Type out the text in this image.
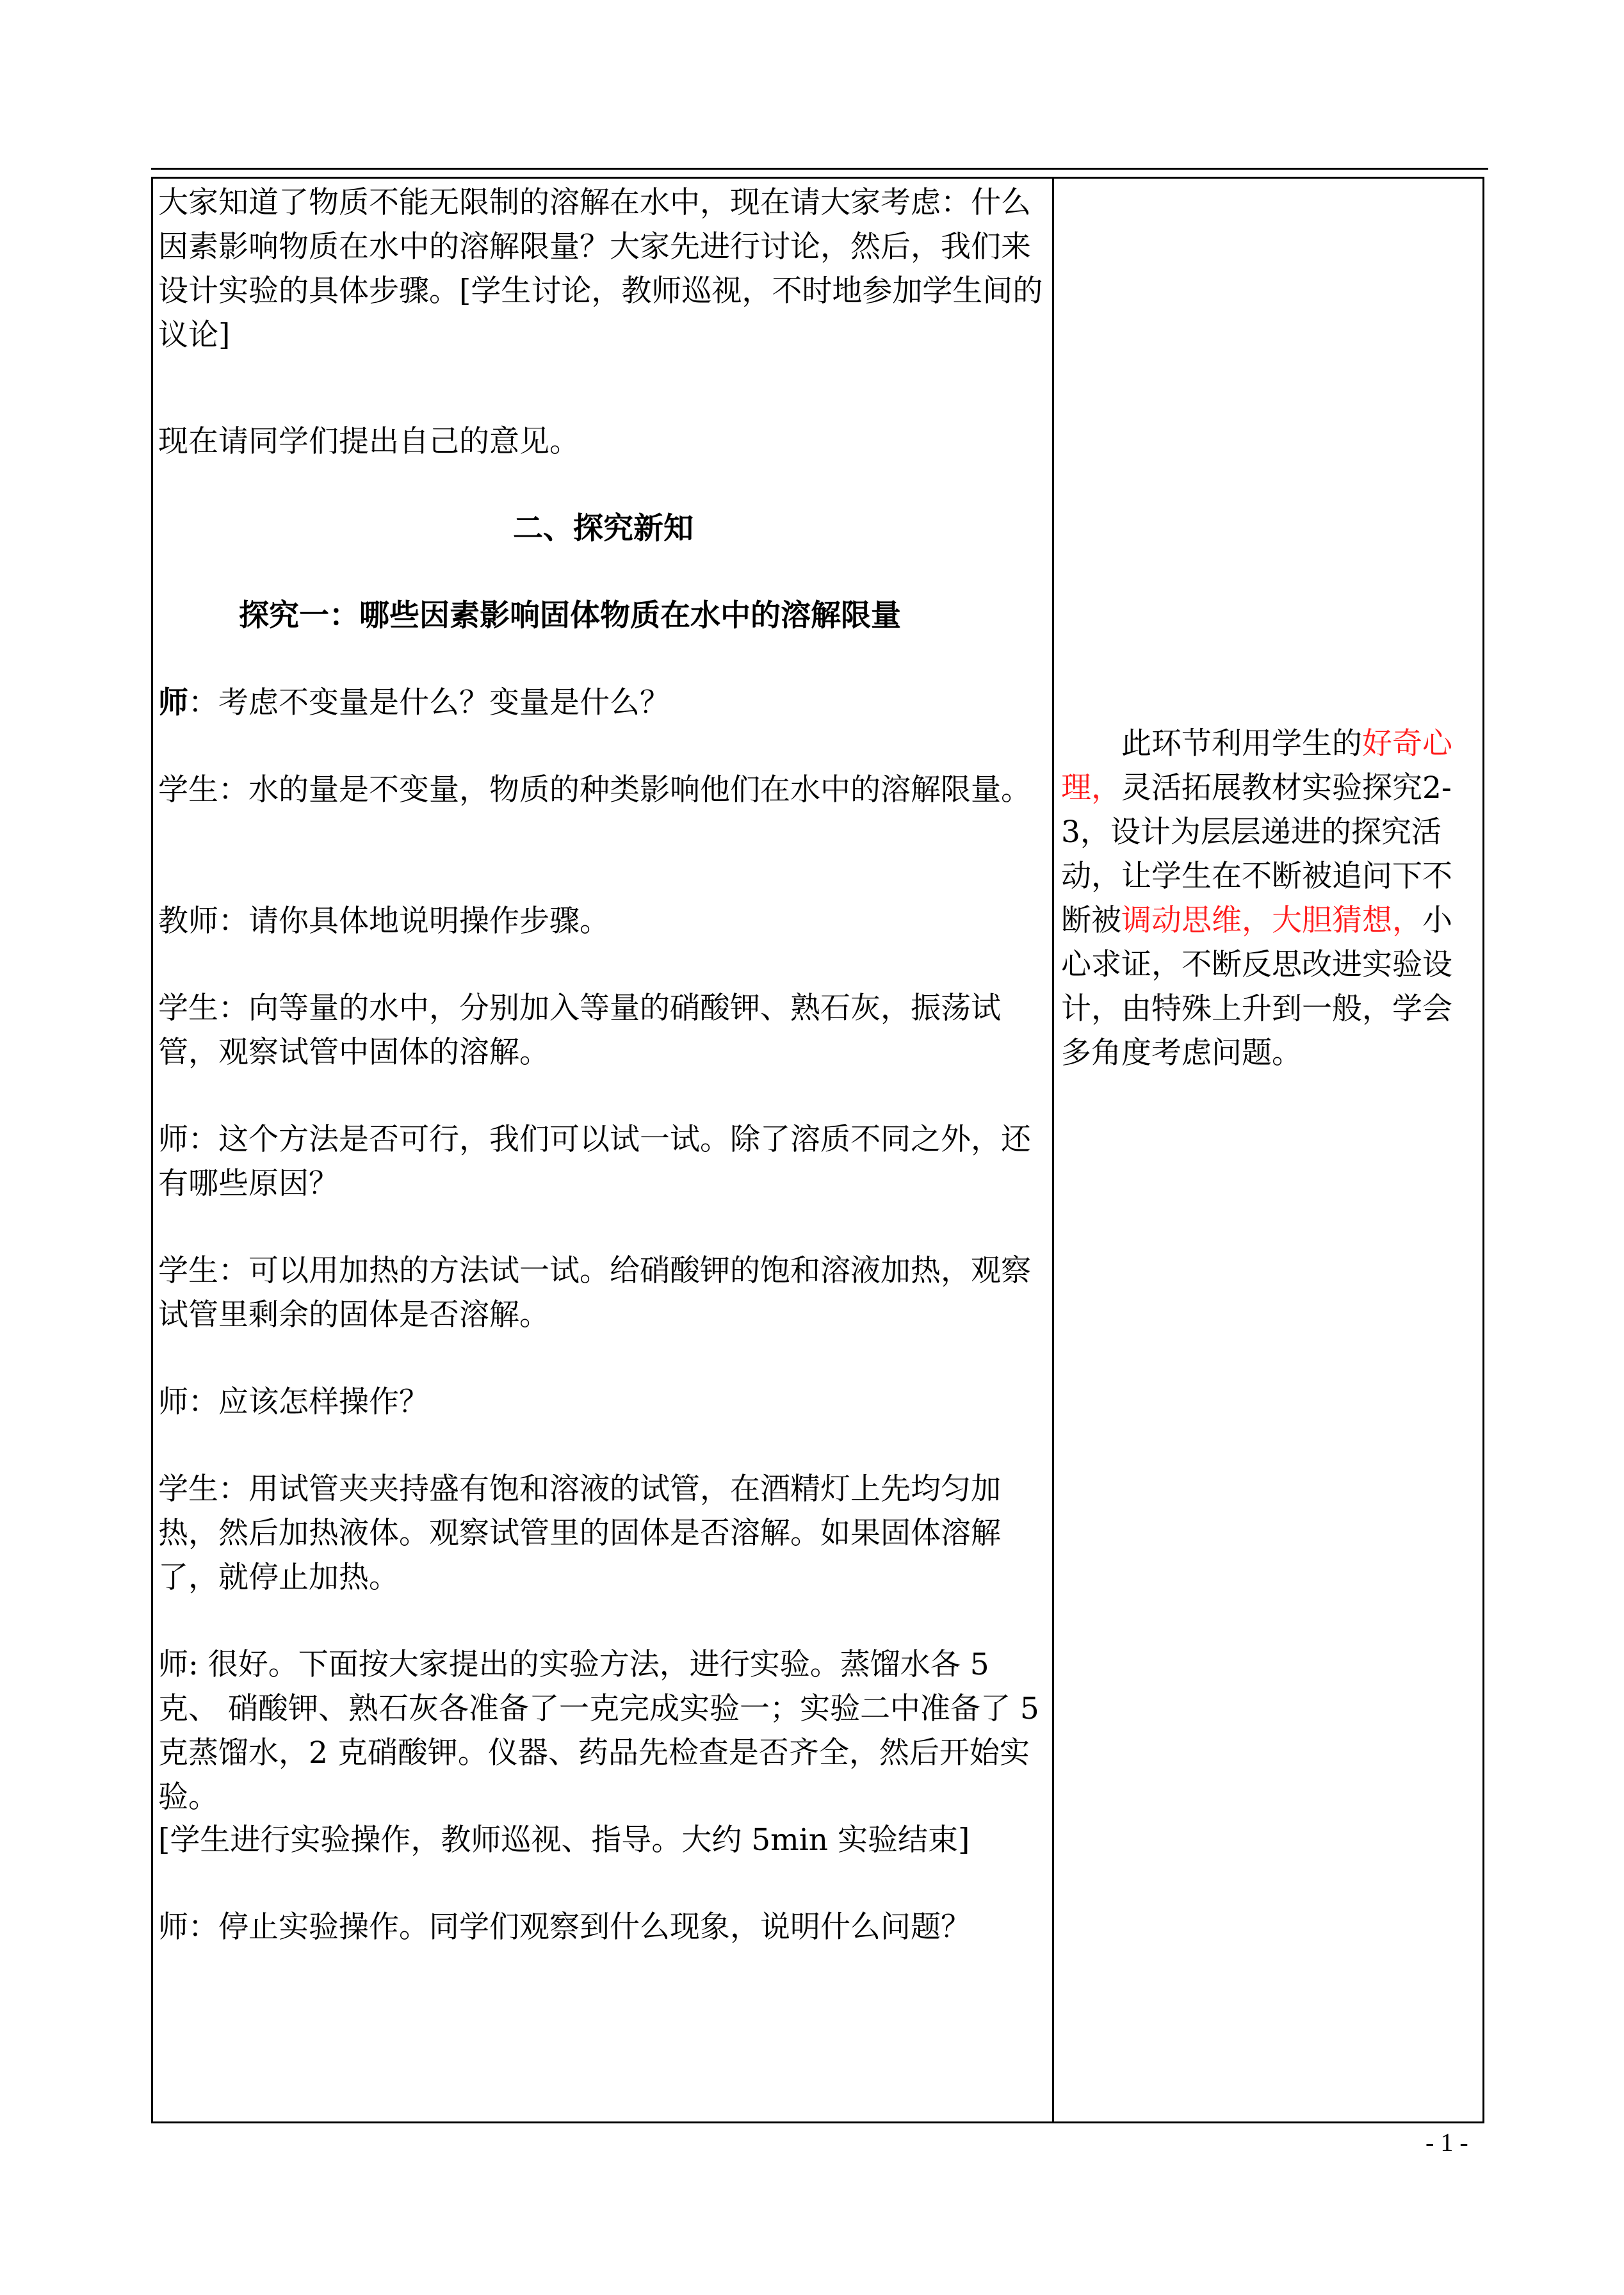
大家知道了物质不能无限制的溶解在水中，现在请大家考虑：什么因素影响物质在水中的溶解限量？大家先进行讨论，然后，我们来设计实验的具体步骤。[学生讨论，教师巡视，不时地参加学生间的议论]

现在请同学们提出自己的意见。

二、探究新知

探究一：哪些因素影响固体物质在水中的溶解限量

师：考虑不变量是什么？变量是什么？

学生：水的量是不变量，物质的种类影响他们在水中的溶解限量。

教师：请你具体地说明操作步骤。

学生：向等量的水中，分别加入等量的硝酸钾、熟石灰，振荡试管，观察试管中固体的溶解。

师：这个方法是否可行，我们可以试一试。除了溶质不同之外，还有哪些原因？

学生：可以用加热的方法试一试。给硝酸钾的饱和溶液加热，观察试管里剩余的固体是否溶解。

师：应该怎样操作？

学生：用试管夹夹持盛有饱和溶液的试管，在酒精灯上先均匀加热，然后加热液体。观察试管里的固体是否溶解。如果固体溶解了，就停止加热。

师: 很好。下面按大家提出的实验方法，进行实验。蒸馏水各 5 克、 硝酸钾、熟石灰各准备了一克完成实验一；实验二中准备了 5 克蒸馏水，2 克硝酸钾。仪器、药品先检查是否齐全，然后开始实验。

[学生进行实验操作，教师巡视、指导。大约 5min 实验结束]

师：停止实验操作。同学们观察到什么现象，说明什么问题？

此环节利用学生的好奇心理，灵活拓展教材实验探究2-3，设计为层层递进的探究活动，让学生在不断被追问下不断被调动思维，大胆猜想，小心求证，不断反思改进实验设计，由特殊上升到一般，学会多角度考虑问题。

- 1 -
